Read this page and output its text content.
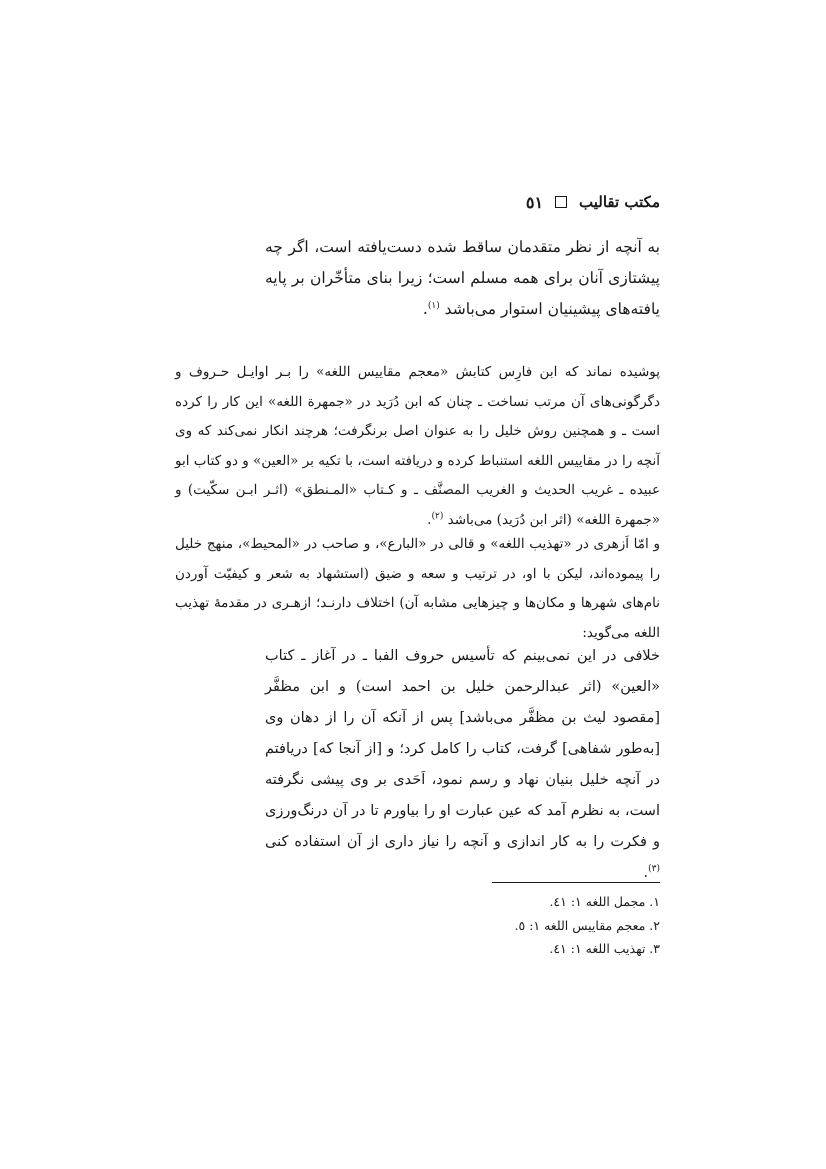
مکتب تقالیب
٥١
به آنچه از نظر متقدمان ساقط شده دست‌یافته است، اگر چه پیشتازی آنان برای همه مسلم است؛ زیرا بنای متأخّران بر پایه یافته‌های پیشینیان استوار می‌باشد $^{(۱)}$.
پوشیده نماند که ابن فارِس کتابش «معجم مقاییس اللغه» را بـر اوایـل حـروف و دگرگونی‌های آن مرتب نساخت ـ چنان که ابن دُرَید در «جمهرة اللغه» این کار را کرده است ـ و همچنین روش خلیل را به عنوان اصل برنگرفت؛ هرچند انکار نمی‌کند که وی آنچه را در مقاییس اللغه استنباط کرده و دریافته است، با تکیه بر «العین» و دو کتاب ابو عبیده ـ غریب الحدیث و الغریب المصنَّف ـ و کـتاب «المـنطق» (اثـر ابـن سکّیت) و «جمهرة اللغه» (اثر ابن دُرَید) می‌باشد $^{(۲)}$.
و امّا اَزهری در «تهذیب اللغه» و قالی در «البارع»، و صاحب در «المحیط»، منهج خلیل را پیموده‌اند، لیکن با او، در ترتیب و سعه و ضیق (استشهاد به شعر و کیفیّت آوردن نام‌های شهرها و مکان‌ها و چیزهایی مشابه آن) اختلاف دارنـد؛ ازهـری در مقدمهٔ تهذیب اللغه می‌گوید:
خلافی در این نمی‌بینم که تأسیس حروف الفبا ـ در آغاز ـ کتاب «العین» (اثر عبدالرحمن خلیل بن احمد است) و ابن مظفَّر [مقصود لیث بن مظفَّر می‌باشد] پس از آنکه آن را از دهان وی [به‌طور شفاهی] گرفت، کتاب را کامل کرد؛ و [از آنجا که] دریافتم در آنچه خلیل بنیان نهاد و رسم نمود، اَحَدی بر وی پیشی نگرفته است، به نظرم آمد که عین عبارت او را بیاورم تا در آن درنگ‌ورزی و فکرت را به کار اندازی و آنچه را نیاز داری از آن استفاده کنی $^{(۳)}$.
۱. مجمل اللغه ۱: ٤۱.
۲. معجم مقاییس اللغه ۱: ٥.
۳. تهذیب اللغه ۱: ٤۱.
